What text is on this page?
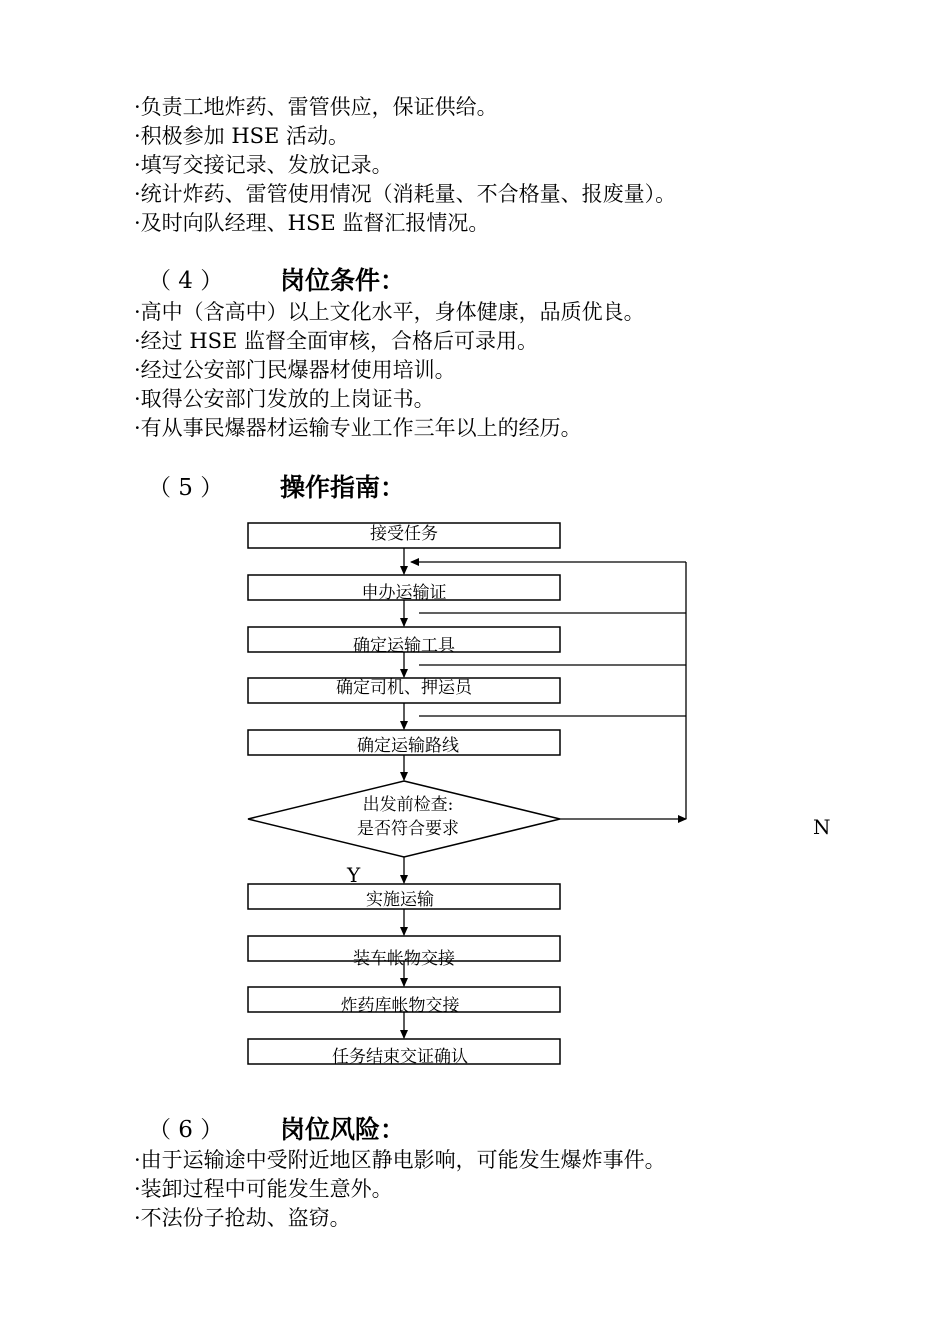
·负责工地炸药、雷管供应，保证供给。
·积极参加 HSE 活动。
·填写交接记录、发放记录。
·统计炸药、雷管使用情况（消耗量、不合格量、报废量）。
·及时向队经理、HSE 监督汇报情况。
（ 4 ） 岗位条件：
·高中（含高中）以上文化水平，身体健康，品质优良。
·经过 HSE 监督全面审核，合格后可录用。
·经过公安部门民爆器材使用培训。
·取得公安部门发放的上岗证书。
·有从事民爆器材运输专业工作三年以上的经历。
（ 5 ） 操作指南：
接受任务
申办运输证
确定运输工具
确定司机、押运员
确定运输路线
出发前检查:
是否符合要求
Y
N
实施运输
装车帐物交接
炸药库帐物交接
任务结束交证确认
（ 6 ） 岗位风险：
·由于运输途中受附近地区静电影响，可能发生爆炸事件。
·装卸过程中可能发生意外。
·不法份子抢劫、盗窃。
